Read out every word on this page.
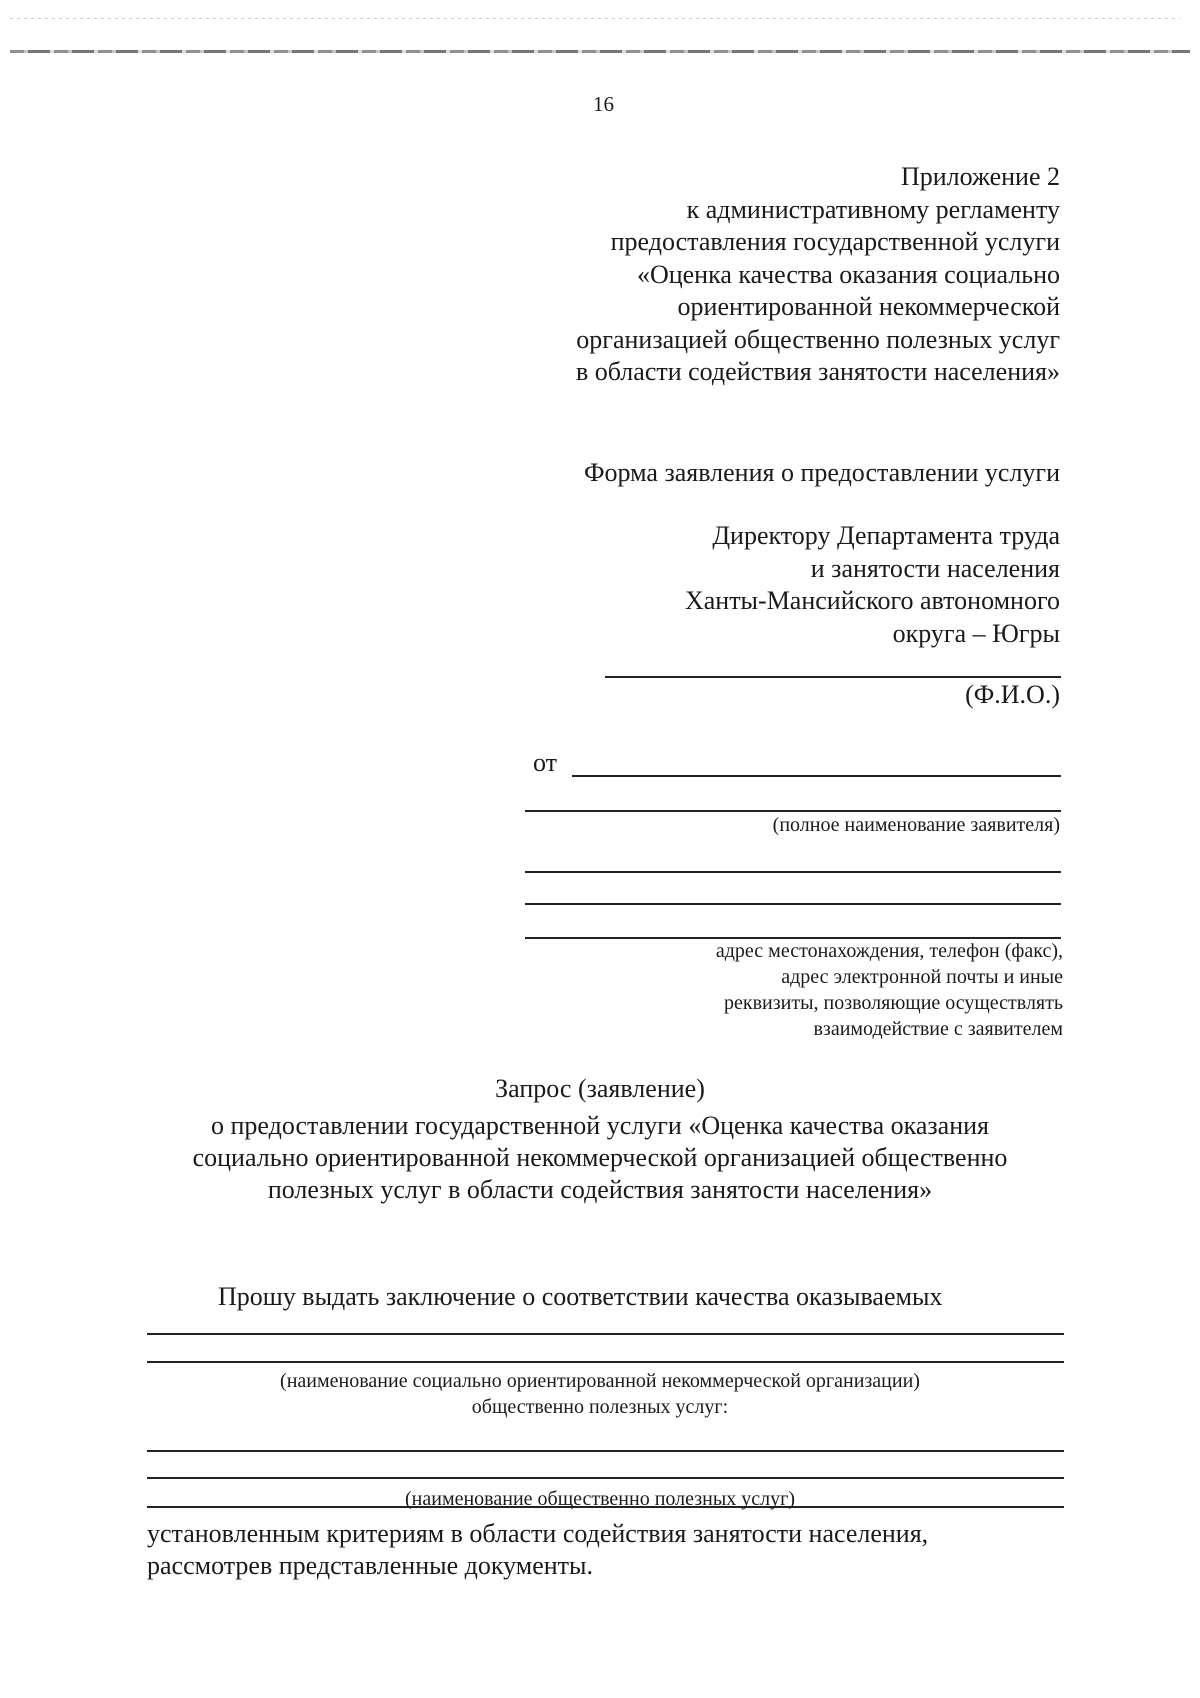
16
Приложение 2
к административному регламенту
предоставления государственной услуги
«Оценка качества оказания социально
ориентированной некоммерческой
организацией общественно полезных услуг
в области содействия занятости населения»
Форма заявления о предоставлении услуги
Директору Департамента труда
и занятости населения
Ханты-Мансийского автономного
округа – Югры
(Ф.И.О.)
от
(полное наименование заявителя)
адрес местонахождения, телефон (факс),
адрес электронной почты и иные
реквизиты, позволяющие осуществлять
взаимодействие с заявителем
Запрос (заявление)
о предоставлении государственной услуги «Оценка качества оказания
социально ориентированной некоммерческой организацией общественно
полезных услуг в области содействия занятости населения»
Прошу выдать заключение о соответствии качества оказываемых
(наименование социально ориентированной некоммерческой организации)
общественно полезных услуг:
(наименование общественно полезных услуг)
установленным критериям в области содействия занятости населения,
рассмотрев представленные документы.
